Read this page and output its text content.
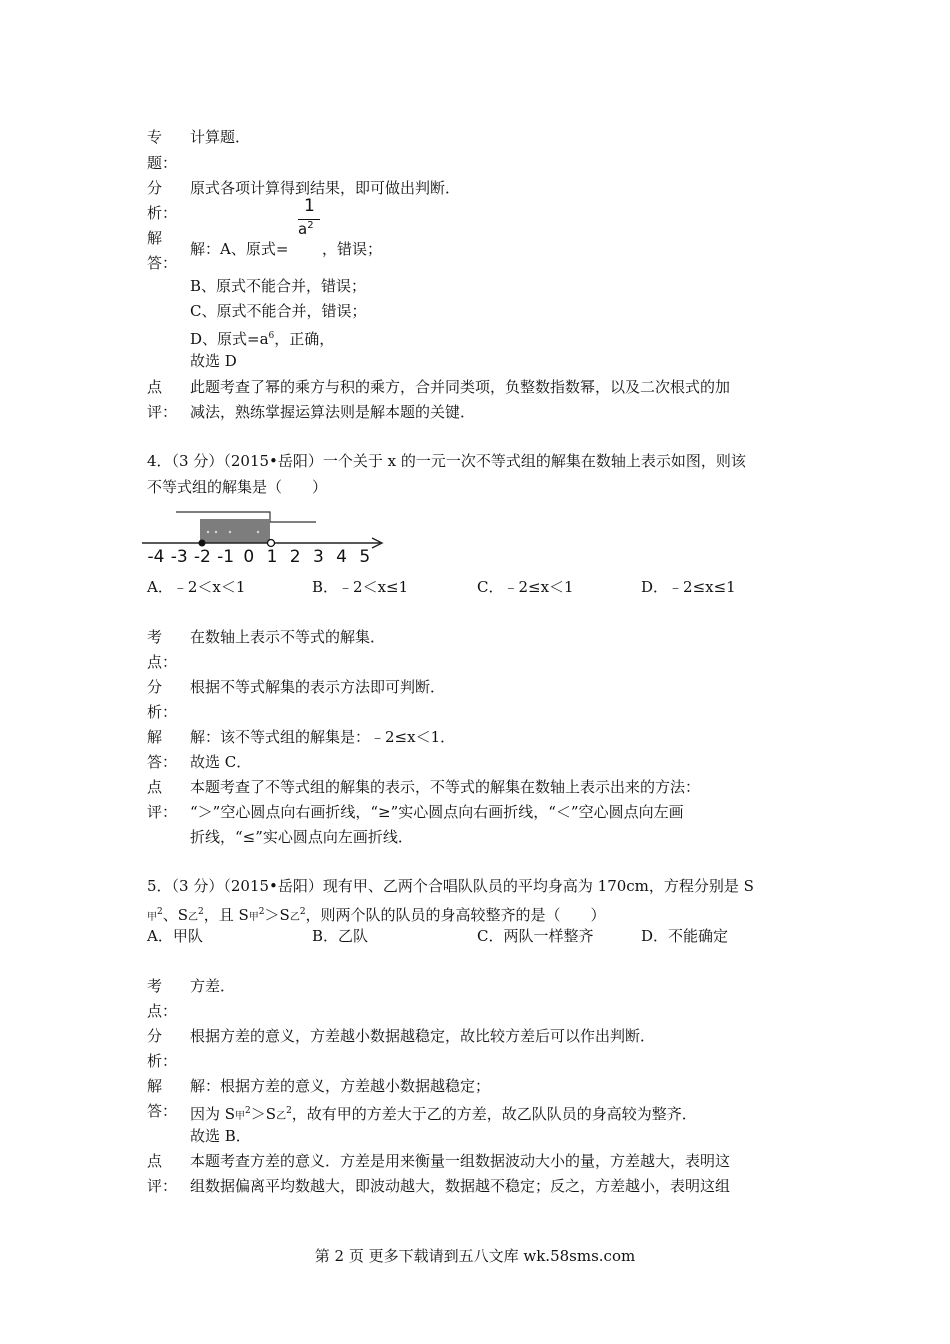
专
题：
计算题．
分
析：
原式各项计算得到结果，即可做出判断．
解
答：
解：A、原式=
1
$a^2$
，错误；
B、原式不能合并，错误；
C、原式不能合并，错误；
D、原式$=a^6$，正确，
故选 D
点
评：
此题考查了幂的乘方与积的乘方，合并同类项，负整数指数幂，以及二次根式的加
减法，熟练掌握运算法则是解本题的关键．
4．（3 分）（2015•岳阳）一个关于 x 的一元一次不等式组的解集在数轴上表示如图，则该
不等式组的解集是（　　）
-4 -3 -2 -1 0 1 2 3 4 5
A．﹣2＜x＜1	B．﹣2＜x≤1	C．﹣2≤x＜1	D．﹣2≤x≤1
考
点：
在数轴上表示不等式的解集．
分
析：
根据不等式解集的表示方法即可判断．
解
答：
解：该不等式组的解集是：﹣2≤x＜1．
故选 C．
点
评：
本题考查了不等式组的解集的表示，不等式的解集在数轴上表示出来的方法：
“＞”空心圆点向右画折线，“≥”实心圆点向右画折线，“＜”空心圆点向左画
折线，“≤”实心圆点向左画折线．
5．（3 分）（2015•岳阳）现有甲、乙两个合唱队队员的平均身高为 170cm，方程分别是 S
甲$^2$、S乙$^2$，且 S甲$^2$＞S乙$^2$，则两个队的队员的身高较整齐的是（　　）
A．甲队	B．乙队	C．两队一样整齐	D．不能确定
考
点：
方差．
分
析：
根据方差的意义，方差越小数据越稳定，故比较方差后可以作出判断．
解
答：
解：根据方差的意义，方差越小数据越稳定；
因为 S甲$^2$＞S乙$^2$，故有甲的方差大于乙的方差，故乙队队员的身高较为整齐．
故选 B．
点
评：
本题考查方差的意义．方差是用来衡量一组数据波动大小的量，方差越大，表明这
组数据偏离平均数越大，即波动越大，数据越不稳定；反之，方差越小，表明这组
第 2 页 更多下载请到五八文库 wk.58sms.com
